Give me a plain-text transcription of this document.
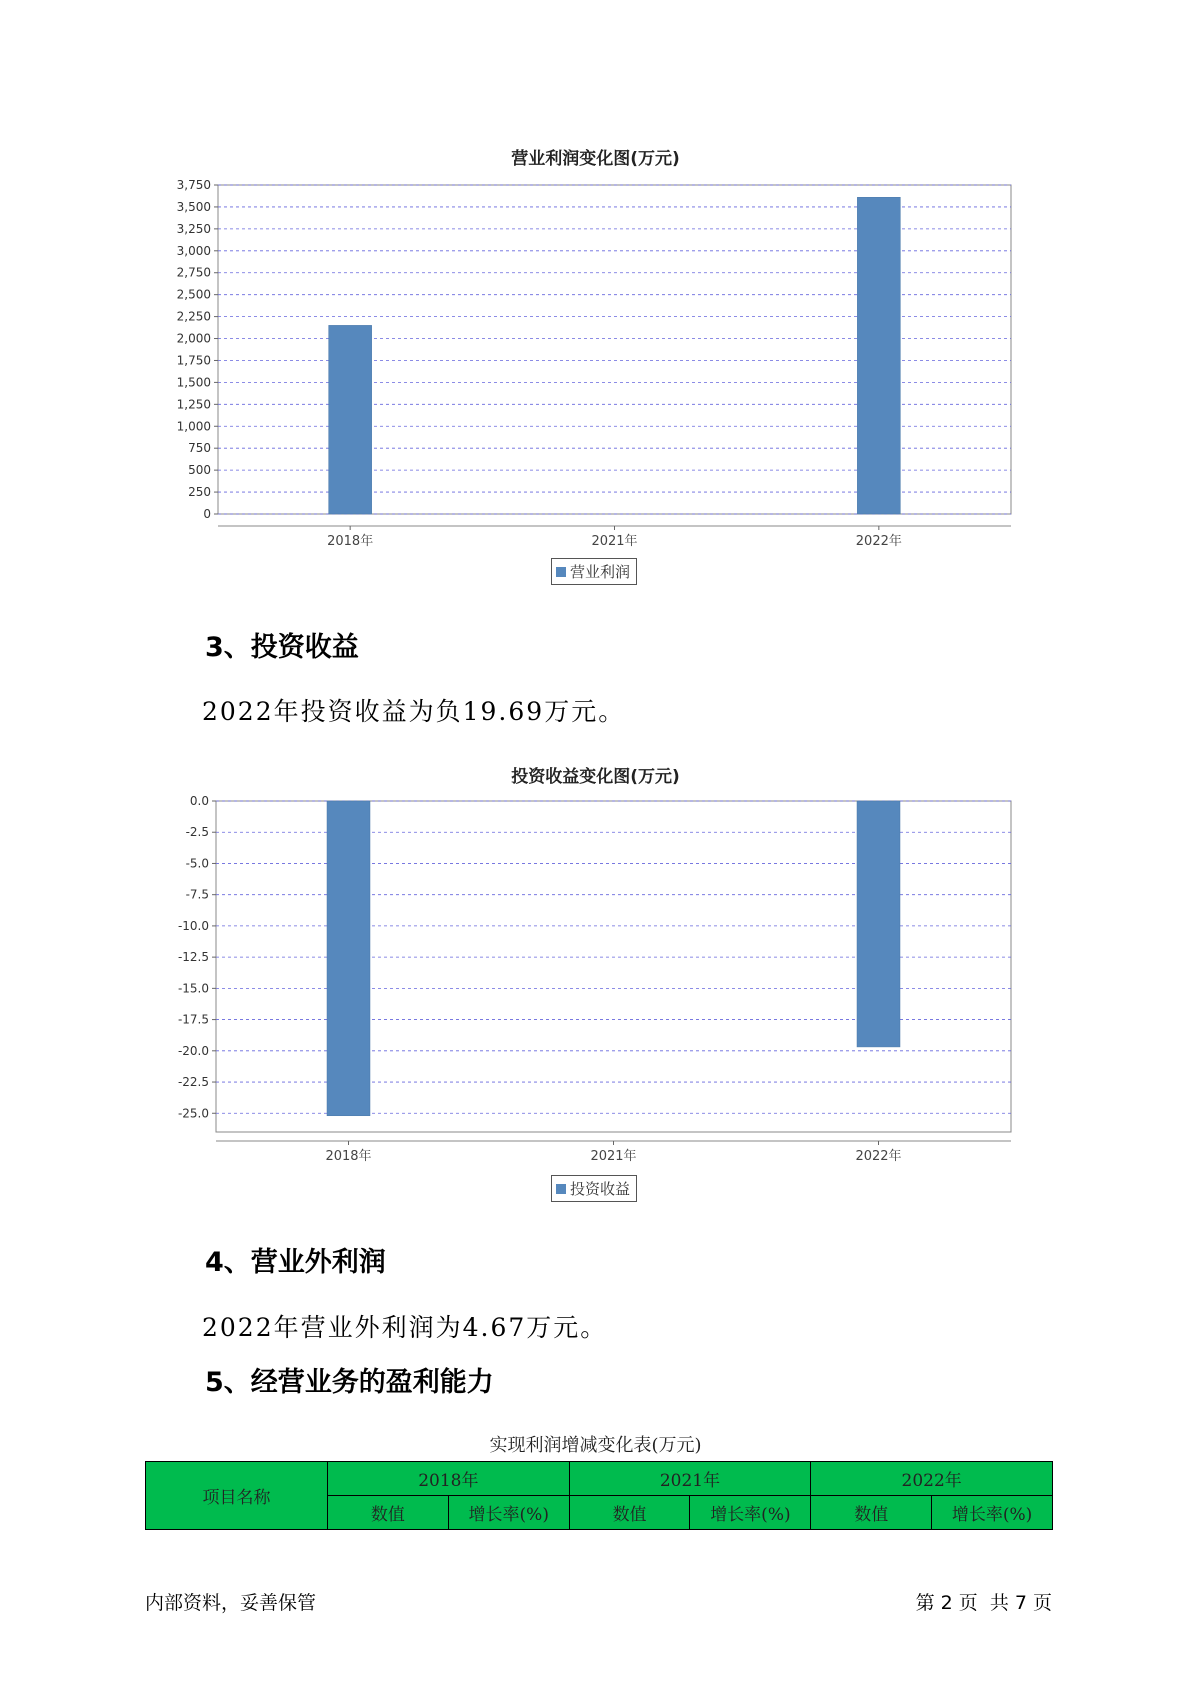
营业利润变化图(万元)
0
250
500
750
1,000
1,250
1,500
1,750
2,000
2,250
2,500
2,750
3,000
3,250
3,500
3,750
2018年	2021年	2022年
营业利润
3、投资收益
2022年投资收益为负19.69万元。
投资收益变化图(万元)
0.0
-2.5
-5.0
-7.5
-10.0
-12.5
-15.0
-17.5
-20.0
-22.5
-25.0
2018年	2021年	2022年
投资收益
4、营业外利润
2022年营业外利润为4.67万元。
5、经营业务的盈利能力
实现利润增减变化表(万元)
项目名称	2018年		2021年		2022年	
	数值	增长率(%)	数值	增长率(%)	数值	增长率(%)
内部资料，妥善保管	第 2 页  共 7 页
